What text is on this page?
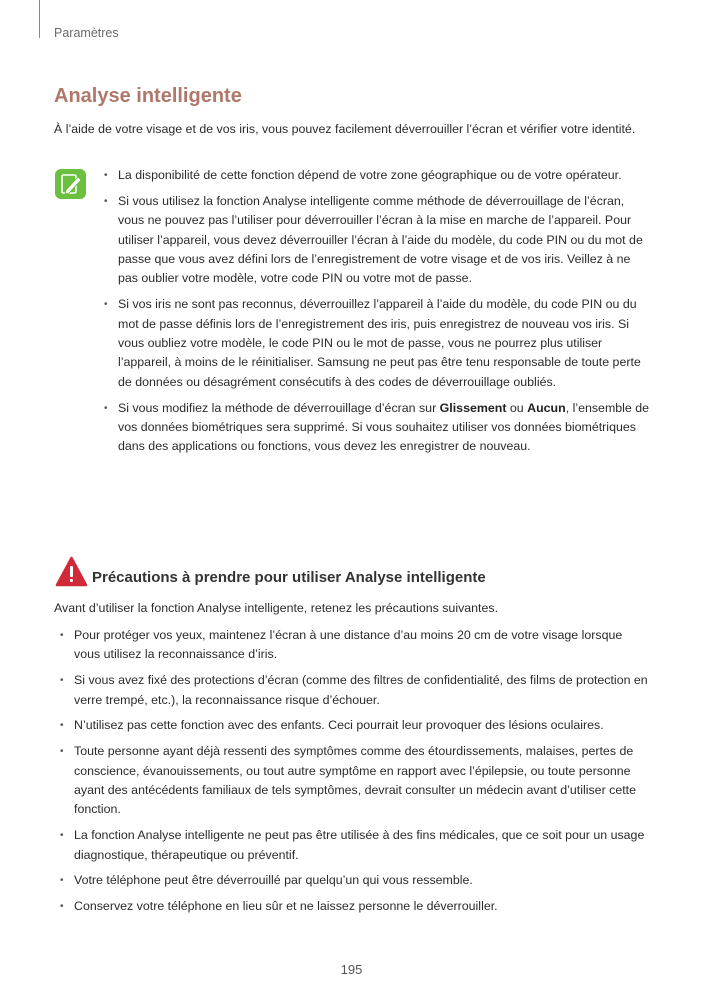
Paramètres
Analyse intelligente

À l’aide de votre visage et de vos iris, vous pouvez facilement déverrouiller l’écran et vérifier votre identité.

• La disponibilité de cette fonction dépend de votre zone géographique ou de votre opérateur.
• Si vous utilisez la fonction Analyse intelligente comme méthode de déverrouillage de l’écran, vous ne pouvez pas l’utiliser pour déverrouiller l’écran à la mise en marche de l’appareil. Pour utiliser l’appareil, vous devez déverrouiller l’écran à l’aide du modèle, du code PIN ou du mot de passe que vous avez défini lors de l’enregistrement de votre visage et de vos iris. Veillez à ne pas oublier votre modèle, votre code PIN ou votre mot de passe.
• Si vos iris ne sont pas reconnus, déverrouillez l’appareil à l’aide du modèle, du code PIN ou du mot de passe définis lors de l’enregistrement des iris, puis enregistrez de nouveau vos iris. Si vous oubliez votre modèle, le code PIN ou le mot de passe, vous ne pourrez plus utiliser l’appareil, à moins de le réinitialiser. Samsung ne peut pas être tenu responsable de toute perte de données ou désagrément consécutifs à des codes de déverrouillage oubliés.
• Si vous modifiez la méthode de déverrouillage d’écran sur Glissement ou Aucun, l’ensemble de vos données biométriques sera supprimé. Si vous souhaitez utiliser vos données biométriques dans des applications ou fonctions, vous devez les enregistrer de nouveau.
Précautions à prendre pour utiliser Analyse intelligente

Avant d’utiliser la fonction Analyse intelligente, retenez les précautions suivantes.

• Pour protéger vos yeux, maintenez l’écran à une distance d’au moins 20 cm de votre visage lorsque vous utilisez la reconnaissance d’iris.
• Si vous avez fixé des protections d’écran (comme des filtres de confidentialité, des films de protection en verre trempé, etc.), la reconnaissance risque d’échouer.
• N’utilisez pas cette fonction avec des enfants. Ceci pourrait leur provoquer des lésions oculaires.
• Toute personne ayant déjà ressenti des symptômes comme des étourdissements, malaises, pertes de conscience, évanouissements, ou tout autre symptôme en rapport avec l’épilepsie, ou toute personne ayant des antécédents familiaux de tels symptômes, devrait consulter un médecin avant d’utiliser cette fonction.
• La fonction Analyse intelligente ne peut pas être utilisée à des fins médicales, que ce soit pour un usage diagnostique, thérapeutique ou préventif.
• Votre téléphone peut être déverrouillé par quelqu’un qui vous ressemble.
• Conservez votre téléphone en lieu sûr et ne laissez personne le déverrouiller.
195
